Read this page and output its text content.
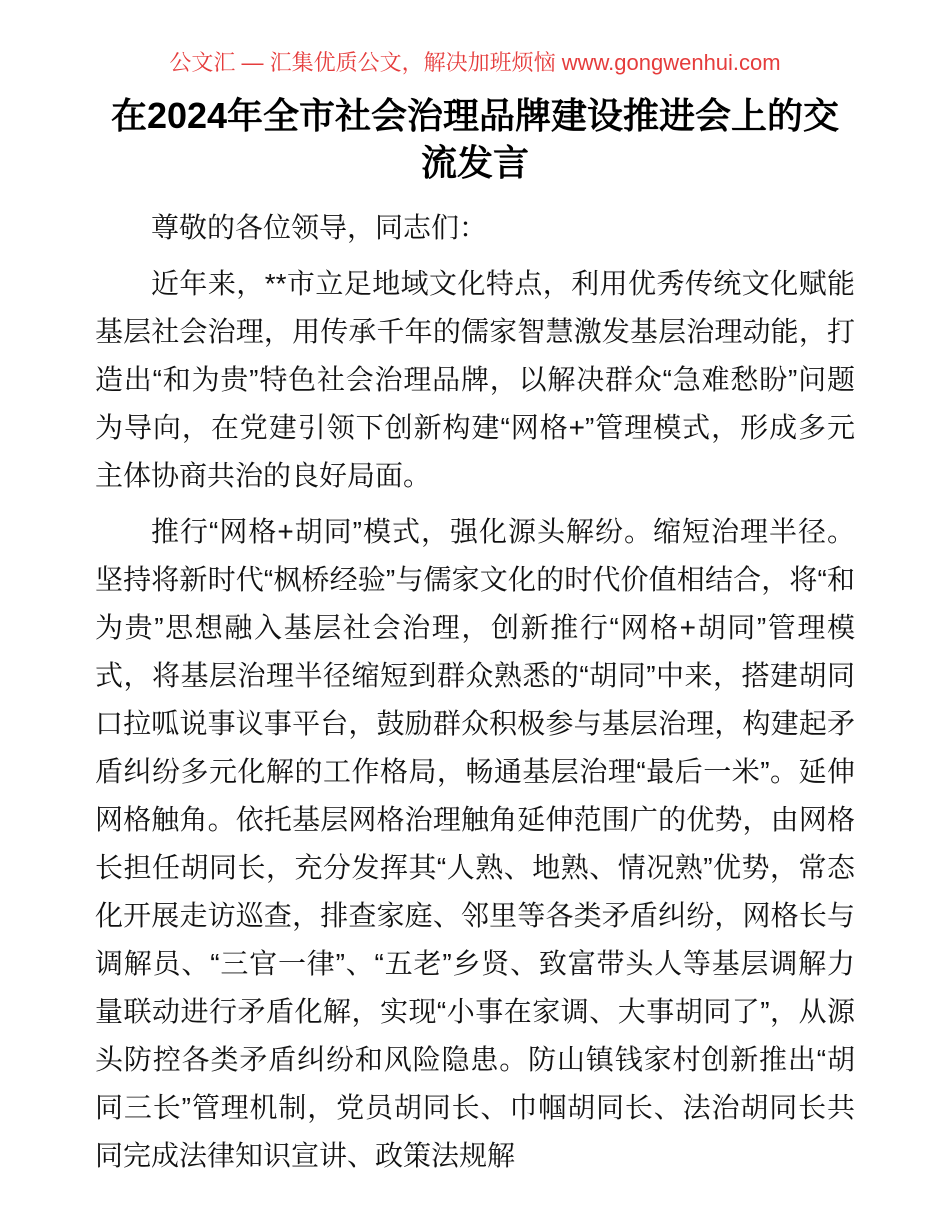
公文汇 — 汇集优质公文，解决加班烦恼 www.gongwenhui.com
在2024年全市社会治理品牌建设推进会上的交流发言

尊敬的各位领导，同志们：

近年来，**市立足地域文化特点，利用优秀传统文化赋能基层社会治理，用传承千年的儒家智慧激发基层治理动能，打造出“和为贵”特色社会治理品牌，以解决群众“急难愁盼”问题为导向，在党建引领下创新构建“网格+”管理模式，形成多元主体协商共治的良好局面。

推行“网格+胡同”模式，强化源头解纷。缩短治理半径。坚持将新时代“枫桥经验”与儒家文化的时代价值相结合，将“和为贵”思想融入基层社会治理，创新推行“网格+胡同”管理模式，将基层治理半径缩短到群众熟悉的“胡同”中来，搭建胡同口拉呱说事议事平台，鼓励群众积极参与基层治理，构建起矛盾纠纷多元化解的工作格局，畅通基层治理“最后一米”。延伸网格触角。依托基层网格治理触角延伸范围广的优势，由网格长担任胡同长，充分发挥其“人熟、地熟、情况熟”优势，常态化开展走访巡查，排查家庭、邻里等各类矛盾纠纷，网格长与调解员、“三官一律”、“五老”乡贤、致富带头人等基层调解力量联动进行矛盾化解，实现“小事在家调、大事胡同了”，从源头防控各类矛盾纠纷和风险隐患。防山镇钱家村创新推出“胡同三长”管理机制，党员胡同长、巾帼胡同长、法治胡同长共同完成法律知识宣讲、政策法规解
